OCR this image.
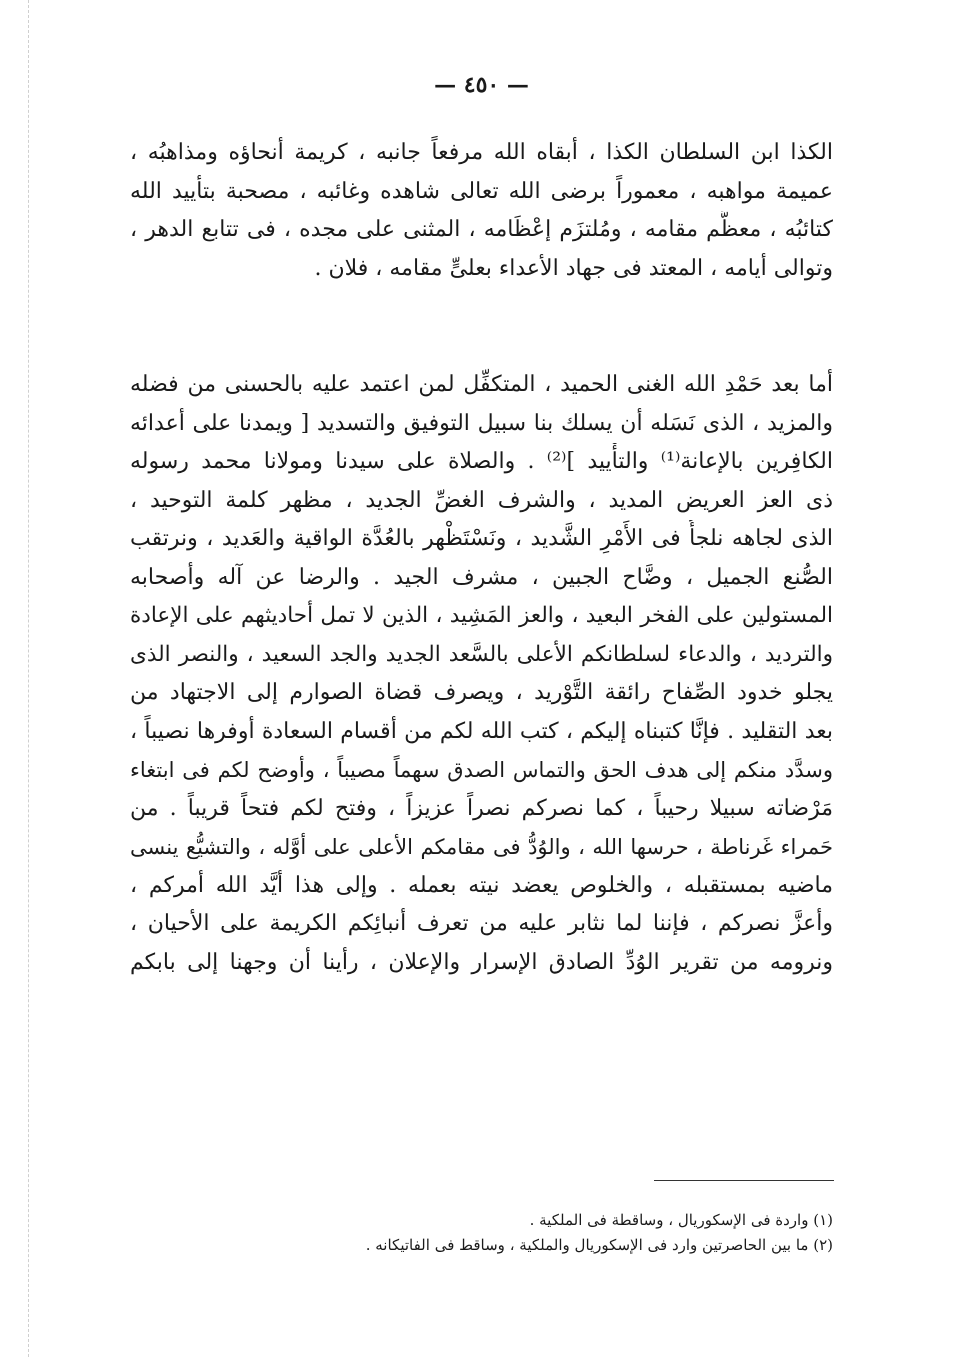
— ٤٥٠ —
الكذا ابن السلطان الكذا ، أبقاه الله مرفعاً جانبه ، كريمة أنحاؤه ومذاهبُه ،
عميمة مواهبه ، معموراً برضى الله تعالى شاهده وغائبه ، مصحبة بتأييد الله
كتائبُه ، معظَّم مقامه ، ومُلتزَم إعْظَامه ، المثنى على مجده ، فى تتابع الدهر ،
وتوالى أيامه ، المعتد فى جهاد الأعداء بعلىٍّ مقامه ، فلان .
أما بعد حَمْدِ الله الغنى الحميد ، المتكفِّل لمن اعتمد عليه بالحسنى من فضله
والمزيد ، الذى نَسَله أن يسلك بنا سبيل التوفيق والتسديد [ ويمدنا على أعدائه
الكافِرين بالإعانة⁽¹⁾ والتأْييد ]⁽²⁾ . والصلاة على سيدنا ومولانا محمد رسوله
ذى العز العريض المديد ، والشرف الغضِّ الجديد ، مظهر كلمة التوحيد ،
الذى لجاهه نلجأُ فى الأَمْرِ الشَّديد ، ونَسْتَظْهر بالعُدَّة الواقية والعَديد ، ونرتقب
الصُّنع الجميل ، وضَّاح الجبين ، مشرف الجيد . والرضا عن آله وأصحابه
المستولين على الفخر البعيد ، والعز المَشِيد ، الذين لا تمل أحاديثهم على الإعادة
والترديد ، والدعاء لسلطانكم الأعلى بالسَّعد الجديد والجد السعيد ، والنصر الذى
يجلو خدود الصِّفاح رائقة التَّوْريد ، ويصرف قضاة الصوارم إلى الاجتهاد من
بعد التقليد . فإنَّا كتبناه إليكم ، كتب الله لكم من أقسام السعادة أوفرها نصيباً ،
وسدَّد منكم إلى هدف الحق والتماس الصدق سهماً مصيباً ، وأوضح لكم فى ابتغاء
مَرْضاته سبيلا رحيباً ، كما نصركم نصراً عزيزاً ، وفتح لكم فتحاً قريباً . من
حَمراء غَرناطة ، حرسها الله ، والوُدُّ فى مقامكم الأعلى على أوَّله ، والتشيُّع ينسى
ماضيه بمستقبله ، والخلوص يعضد نيته بعمله . وإلى هذا أيَّد الله أمركم ،
وأعزَّ نصركم ، فإننا لما نثابر عليه من تعرف أنبائِكم الكريمة على الأحيان ،
ونرومه من تقرير الوُدِّ الصادق الإسرار والإعلان ، رأينا أن وجهنا إلى بابكم
(١) واردة فى الإسكوريال ، وساقطة فى الملكية .
(٢) ما بين الحاصرتين وارد فى الإسكوريال والملكية ، وساقط فى الفاتيكانه .
